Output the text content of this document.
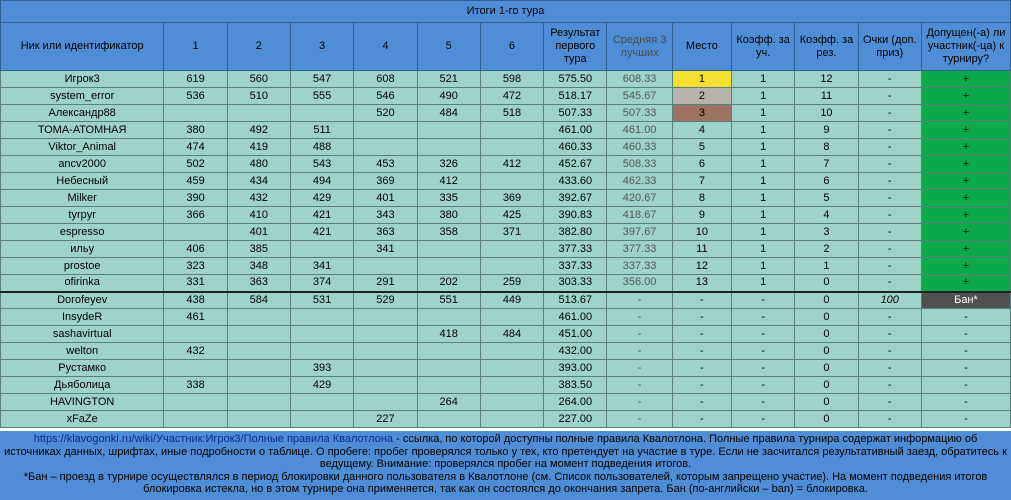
Итоги 1-го тура													
Ник или идентификатор	1	2	3	4	5	6	Результат первого тура	Средняя 3 лучших	Место	Коэфф. за уч.	Коэфф. за рез.	Очки (доп. приз)	Допущен(-а) ли участник(-ца) к турниру?
Игрок3	619	560	547	608	521	598	575.50	608.33	1	1	12	-	+
system_error	536	510	555	546	490	472	518.17	545.67	2	1	11	-	+
Александр88				520	484	518	507.33	507.33	3	1	10	-	+
ТОМА-АТОМНАЯ	380	492	511				461.00	461.00	4	1	9	-	+
Viktor_Animal	474	419	488				460.33	460.33	5	1	8	-	+
ancv2000	502	480	543	453	326	412	452.67	508.33	6	1	7	-	+
Небесный	459	434	494	369	412		433.60	462.33	7	1	6	-	+
Milker	390	432	429	401	335	369	392.67	420.67	8	1	5	-	+
tyrpyr	366	410	421	343	380	425	390.83	418.67	9	1	4	-	+
espresso		401	421	363	358	371	382.80	397.67	10	1	3	-	+
ильу	406	385		341			377.33	377.33	11	1	2	-	+
prostoe	323	348	341				337.33	337.33	12	1	1	-	+
ofirinka	331	363	374	291	202	259	303.33	356.00	13	1	0	-	+
Dorofeyev	438	584	531	529	551	449	513.67	-	-	-	0	100	Бан*
InsydeR	461						461.00	-	-	-	0	-	-
sashavirtual					418	484	451.00	-	-	-	0	-	-
welton	432						432.00	-	-	-	0	-	-
Рустамко			393				393.00	-	-	-	0	-	-
Дьяболица	338		429				383.50	-	-	-	0	-	-
HAVINGTON					264		264.00	-	-	-	0	-	-
xFaZe				227			227.00	-	-	-	0	-	-
https://klavogonki.ru/wiki/Участник:Игрок3/Полные правила Квалотлона - ссылка, по которой доступны полные правила Квалотлона. Полные правила турнира содержат информацию об источниках данных, шрифтах, иные подробности о таблице. О пробеге: пробег проверялся только у тех, кто претендует на участие в туре. Если не засчитался результативный заезд, обратитесь к ведущему. Внимание: проверялся пробег на момент подведения итогов.
*Бан – проезд в турнире осуществлялся в период блокировки данного пользователя в Квалотлоне (см. Список пользователей, которым запрещено участие). На момент подведения итогов блокировка истекла, но в этом турнире она применяется, так как он состоялся до окончания запрета. Бан (по-английски – ban) = блокировка.
